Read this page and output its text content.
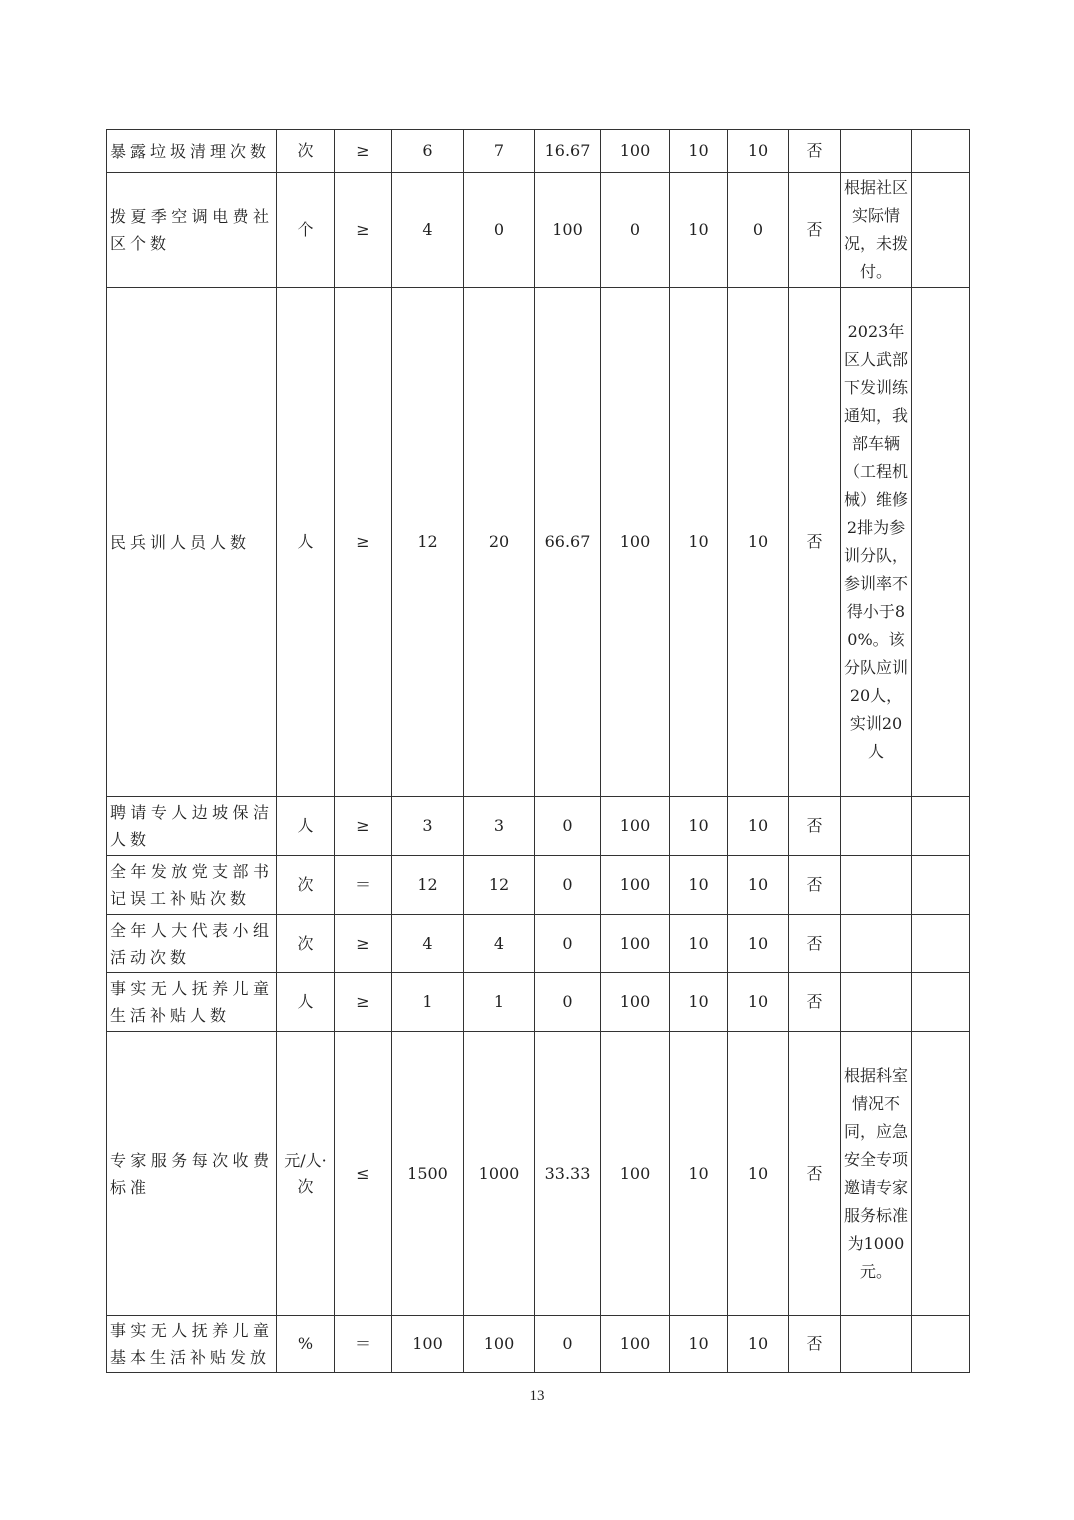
暴露垃圾清理次数	次	≥	6	7	16.67	100	10	10	否		
拨夏季空调电费社区个数	个	≥	4	0	100	0	10	0	否	根据社区实际情况，未拨付。	
民兵训人员人数	人	≥	12	20	66.67	100	10	10	否	2023年区人武部下发训练通知，我部车辆（工程机械）维修2排为参训分队，参训率不得小于80%。该分队应训20人，实训20人	
聘请专人边坡保洁人数	人	≥	3	3	0	100	10	10	否		
全年发放党支部书记误工补贴次数	次	＝	12	12	0	100	10	10	否		
全年人大代表小组活动次数	次	≥	4	4	0	100	10	10	否		
事实无人抚养儿童生活补贴人数	人	≥	1	1	0	100	10	10	否		
专家服务每次收费标准	元/人·次	≤	1500	1000	33.33	100	10	10	否	根据科室情况不同，应急安全专项邀请专家服务标准为1000元。	
事实无人抚养儿童基本生活补贴发放	%	＝	100	100	0	100	10	10	否		
13
